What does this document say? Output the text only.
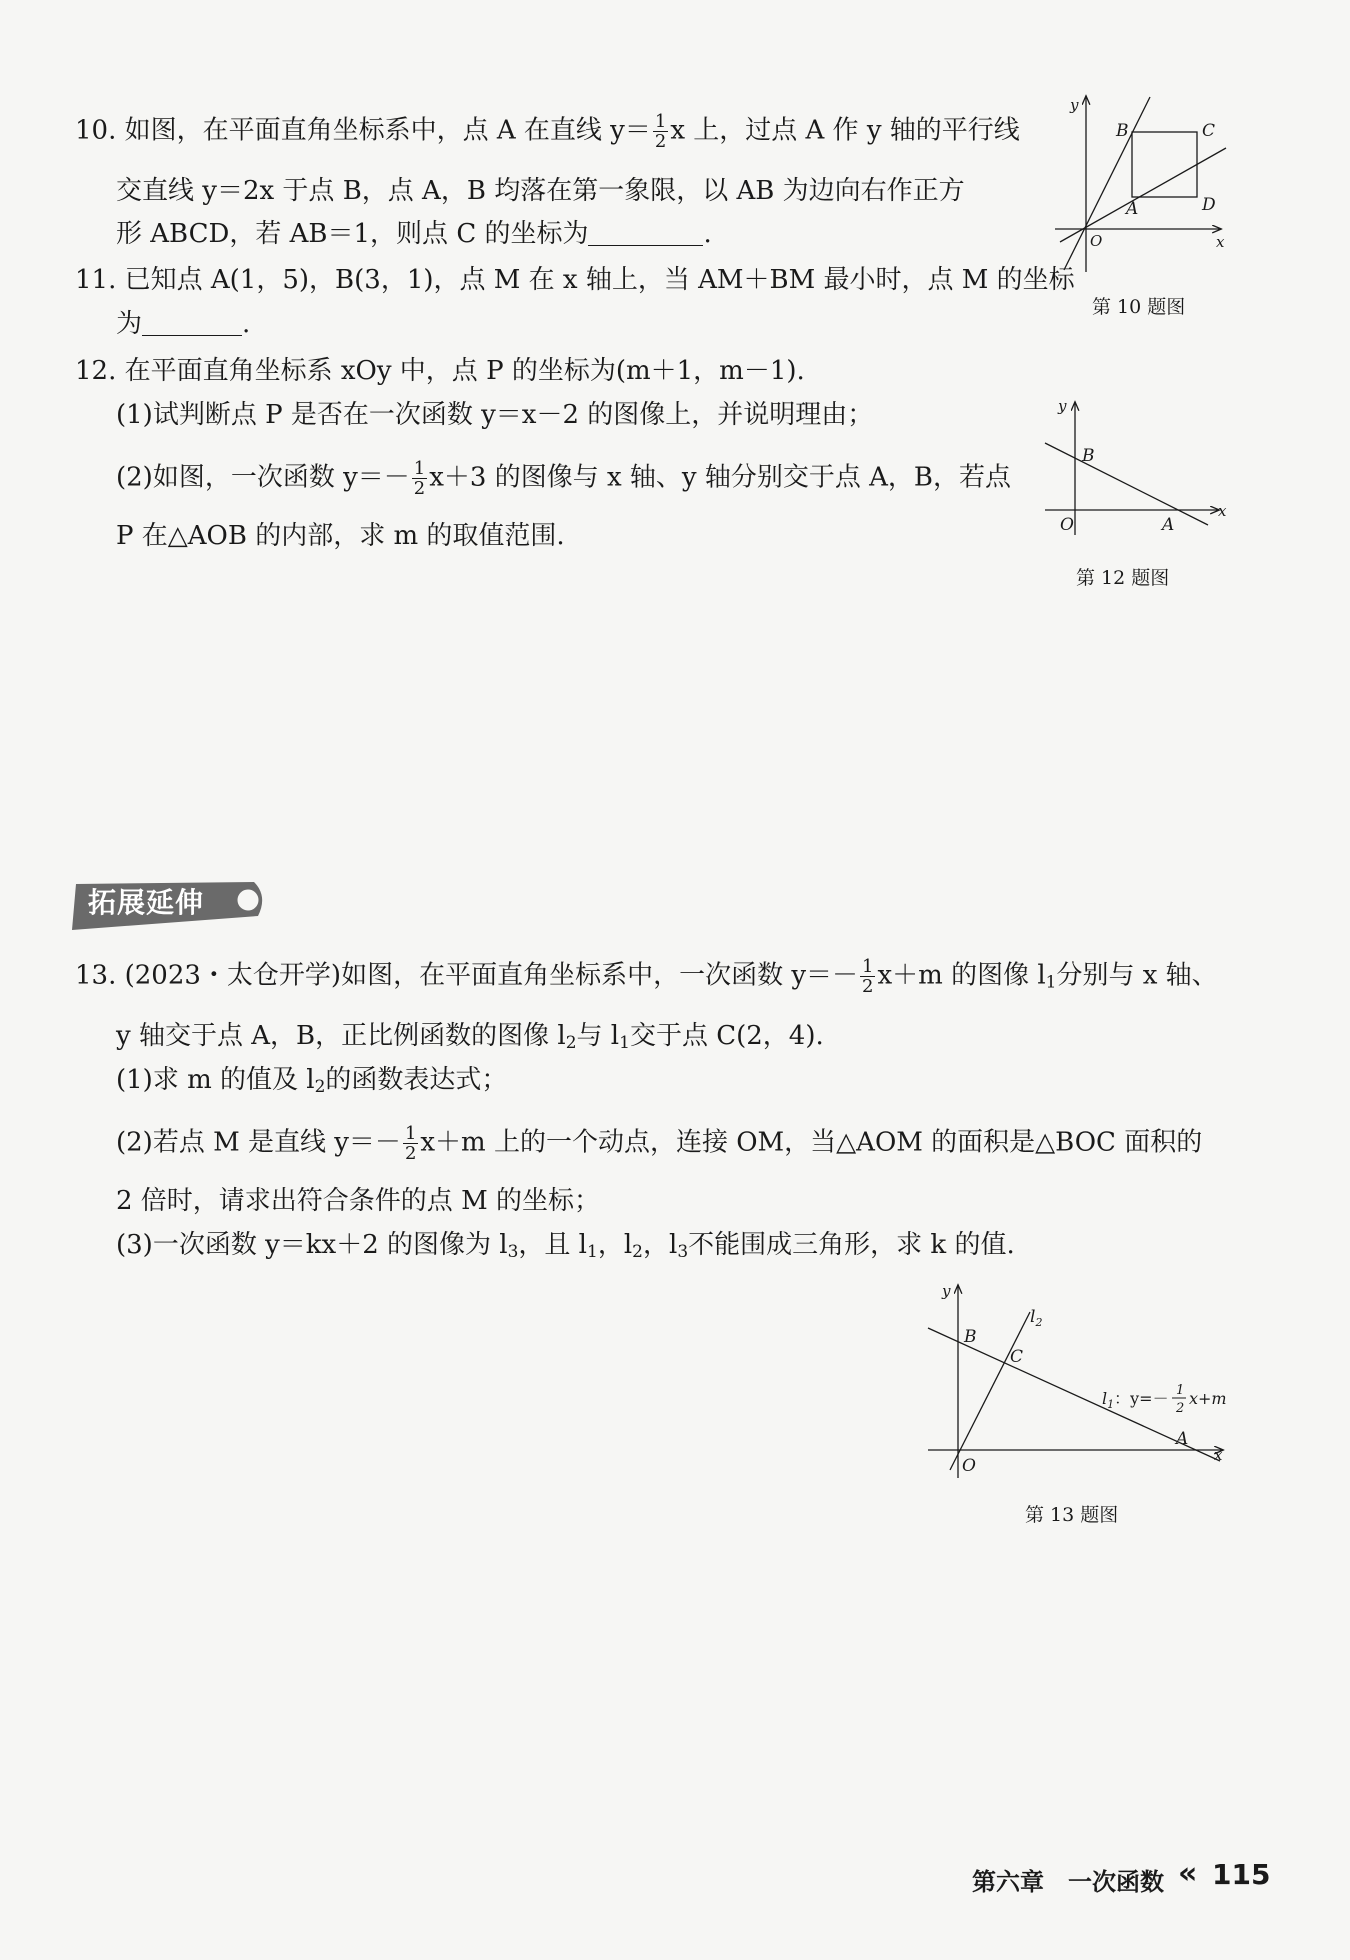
10. 如图，在平面直角坐标系中，点 A 在直线 $y= \frac{1}{2}$ x 上，过点 A 作 y 轴的平行线
交直线 y＝2x 于点 B，点 A，B 均落在第一象限，以 AB 为边向右作正方
形 ABCD，若 AB＝1，则点 C 的坐标为	.
y
x
O
B	C
A	D
第 10 题图
11. 已知点 A(1，5)，B(3，1)，点 M 在 x 轴上，当 AM＋BM 最小时，点 M 的坐标
为	.
12. 在平面直角坐标系 xOy 中，点 P 的坐标为(m＋1，m－1).
(1)试判断点 P 是否在一次函数 y＝x－2 的图像上，并说明理由；
(2)如图，一次函数 $y=- \frac{1}{2} x+3$ 的图像与 x 轴、y 轴分别交于点 A，B，若点
P 在△AOB 的内部，求 m 的取值范围.
y
x
O
B
A
第 12 题图
拓展延伸
13. (2023・太仓开学)如图，在平面直角坐标系中，一次函数 $y=- \frac{1}{2} x+m$ 的图像 $l_1$分别与 x 轴、
y 轴交于点 A，B，正比例函数的图像 $l_2$与 $l_1$交于点 C(2，4).
(1)求 m 的值及 $l_2$的函数表达式；
(2)若点 M 是直线 $y=- \frac{1}{2} x+m$ 上的一个动点，连接 OM，当△AOM 的面积是△BOC 面积的
2 倍时，请求出符合条件的点 M 的坐标；
(3)一次函数 y＝kx＋2 的图像为 $l_3$，且 $l_1$，$l_2$，$l_3$不能围成三角形，求 k 的值.
y
x
O
B
C
A
$l_2$
$l_1$：y=－ 1
2
x+m
第 13 题图
第六章　一次函数 « 115
